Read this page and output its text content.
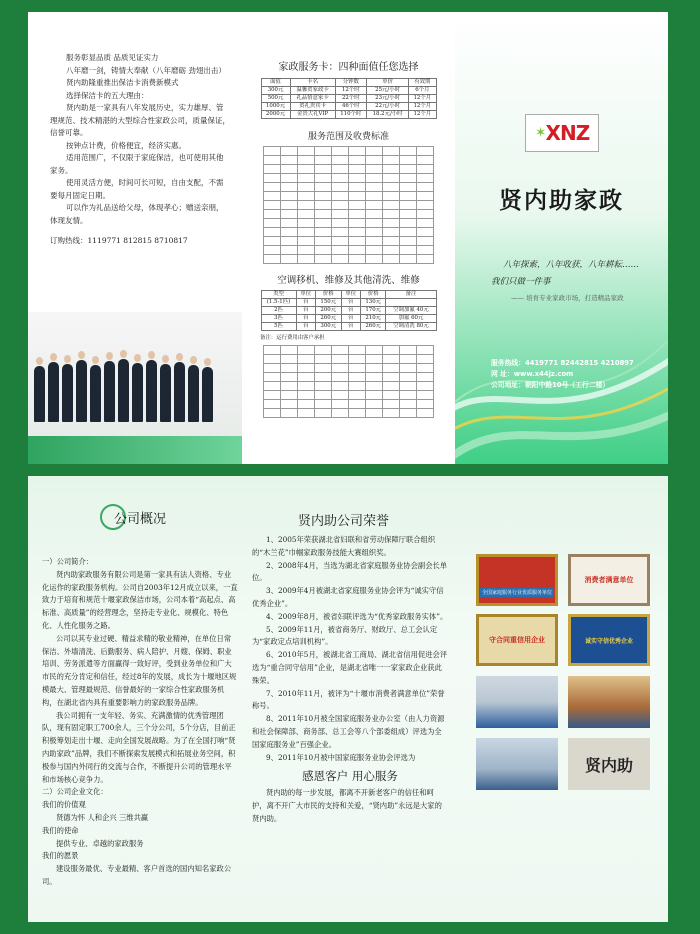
服务彰显品质 品质见证实力

八年磨一剑，铸情大奉献（八年磨砺 劲翅出击）

贤内助隆重推出保洁卡消费新模式

选择保洁卡的五大理由：

贤内助是一家具有八年发展历史，实力雄厚、管理规范、技术精湛的大型综合性家政公司，质量保证，信誉可靠。

按钟点计费，价格便宜，经济实惠。

适用范围广，不仅限于家庭保洁，也可使用其他家务。

使用灵活方便，时间可长可短，自由支配，不需要每月固定日期。

可以作为礼品送给父母，体现孝心；赠送亲朋，体现友情。

订购热线：1119771 812815 8710817

家政服务卡：四种面值任您选择
面值	卡名	分钟数	单价	有效期
300元	温馨贺家政卡	12个时	25元/小时	6个月
500元	礼品情意家卡	22个时	23元/小时	12个月
1000元	贺礼贵宾卡	46个时	22元/小时	12个月
2000元	金贵大礼VIP	110个时	18.2元/小时	12个月
服务范围及收费标准

空调移机、维修及其他清洗、维修
类型	单位	价格	单位	价格	备注
(1.5-1匹)	台	150元	台	130元	
2匹	台	200元	台	170元	空调加氟 40元
3匹	台	260元	台	210元	加氟 60元
5匹	台	300元	台	260元	空调清洗 80元
备注：运行费用由客户承担

✶ XNZ
贤内助家政
八年探索，八年收获，八年耕耘……
我们只做一件事
—— 培育专业家政市场，打造精品家政
服务热线：4419771 82442815 4210897
网 址：www.x44jz.com
公司地址：朝阳中路10号（工行二楼）
公司概况

一）公司简介：

贤内助家政服务有限公司是第一家具有法人资格、专业化运作的家政服务机构。公司自2003年12月成立以来，一直致力于培育和规范十堰家政保洁市场，公司本着“高起点、高标准、高质量”的经营理念，坚持走专业化、规模化、特色化、人性化服务之路。

公司以其专业过硬、精益求精的敬业精神，在单位日常保洁、外墙清洗、后勤服务、病人陪护、月嫂、保姆、职业培训、劳务派遣等方面赢得一致好评，受到业务单位和广大市民的充分肯定和信任，经过8年的发展，成长为十堰地区规模最大、管理最规范、信誉最好的一家综合性家政服务机构，在湖北省内具有重要影响力的家政服务品牌。

我公司拥有一支年轻、务实、充满激情的优秀管理团队，现有固定职工700余人，三个分公司，5个分店，目前正积极筹划走出十堰、走向全国发展战略。为了在全国打响“贤内助家政”品牌，我们不断探索发展模式和拓展业务空间，积极参与国内外同行的交流与合作，不断提升公司的管理水平和市场核心竞争力。

二）公司企业文化：

我们的价值观

贤德为怀 人和企兴 三维共赢

我们的使命

提供专业、卓越的家政服务

我们的愿景

建设服务最优、专业最精、客户首选的国内知名家政公司。

贤内助公司荣誉

1、2005年荣获湖北省妇联和省劳动保障厅联合组织的“木兰花”巾帼家政服务技能大赛组织奖。

2、2008年4月，当选为湖北省家庭服务业协会副会长单位。

3、2009年4月被湖北省家庭服务业协会评为“诚实守信优秀企业”。

4、2009年8月，被省妇联评选为“优秀家政服务实体”。

5、2009年11月，被省商务厅、财政厅、总工会认定为“家政定点培训机构”。

6、2010年5月，被湖北省工商局、湖北省信用促进会评选为“重合同守信用”企业，是湖北省唯一一家家政企业获此殊荣。

7、2010年11月，被评为“十堰市消费者满意单位”荣誉称号。

8、2011年10月被全国家庭服务业办公室（由人力资源和社会保障部、商务部、总工会等八个部委组成）评选为全国家庭服务业”百强企业。

9、2011年10月被中国家庭服务业协会评选为

感恩客户 用心服务

贤内助的每一步发展，都离不开新老客户的信任和呵护，离不开广大市民的支持和关爱，“贤内助”永远是大家的贤内助。

全国家庭服务行业优质服务单位
消费者满意单位
守合同重信用企业	诚实守信优秀企业
贤内助
